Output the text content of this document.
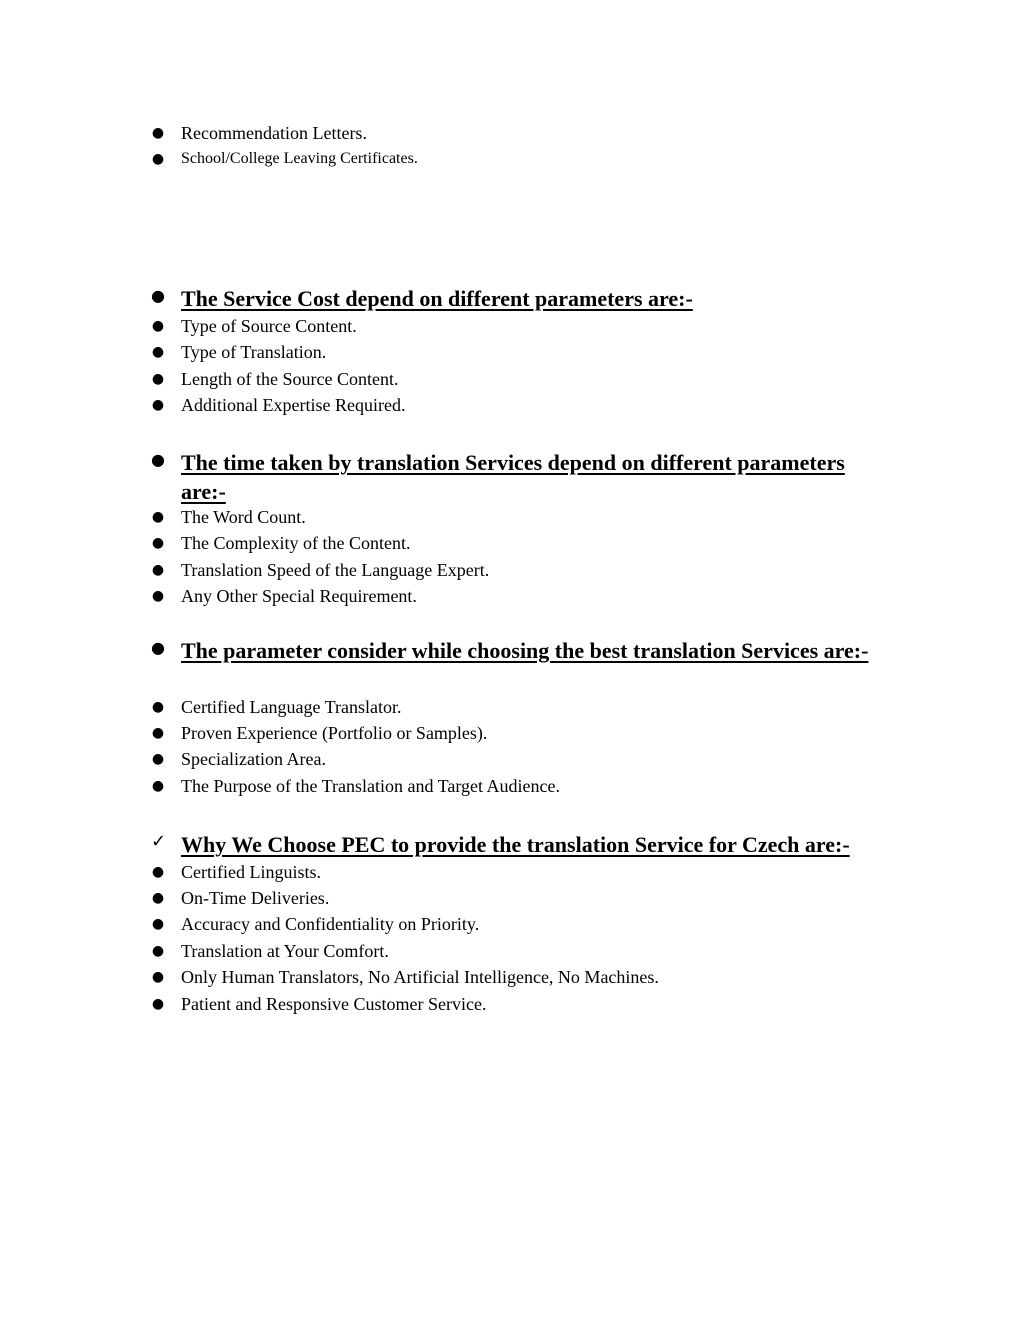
● Recommendation Letters.
● School/College Leaving Certificates.
● The Service Cost depend on different parameters are:-
● Type of Source Content.
● Type of Translation.
● Length of the Source Content.
● Additional Expertise Required.
● The time taken by translation Services depend on different parameters are:-
● The Word Count.
● The Complexity of the Content.
● Translation Speed of the Language Expert.
● Any Other Special Requirement.
● The parameter consider while choosing the best translation Services are:-
● Certified Language Translator.
● Proven Experience (Portfolio or Samples).
● Specialization Area.
● The Purpose of the Translation and Target Audience.
✓ Why We Choose PEC to provide the translation Service for Czech are:-
● Certified Linguists.
● On-Time Deliveries.
● Accuracy and Confidentiality on Priority.
● Translation at Your Comfort.
● Only Human Translators, No Artificial Intelligence, No Machines.
● Patient and Responsive Customer Service.
